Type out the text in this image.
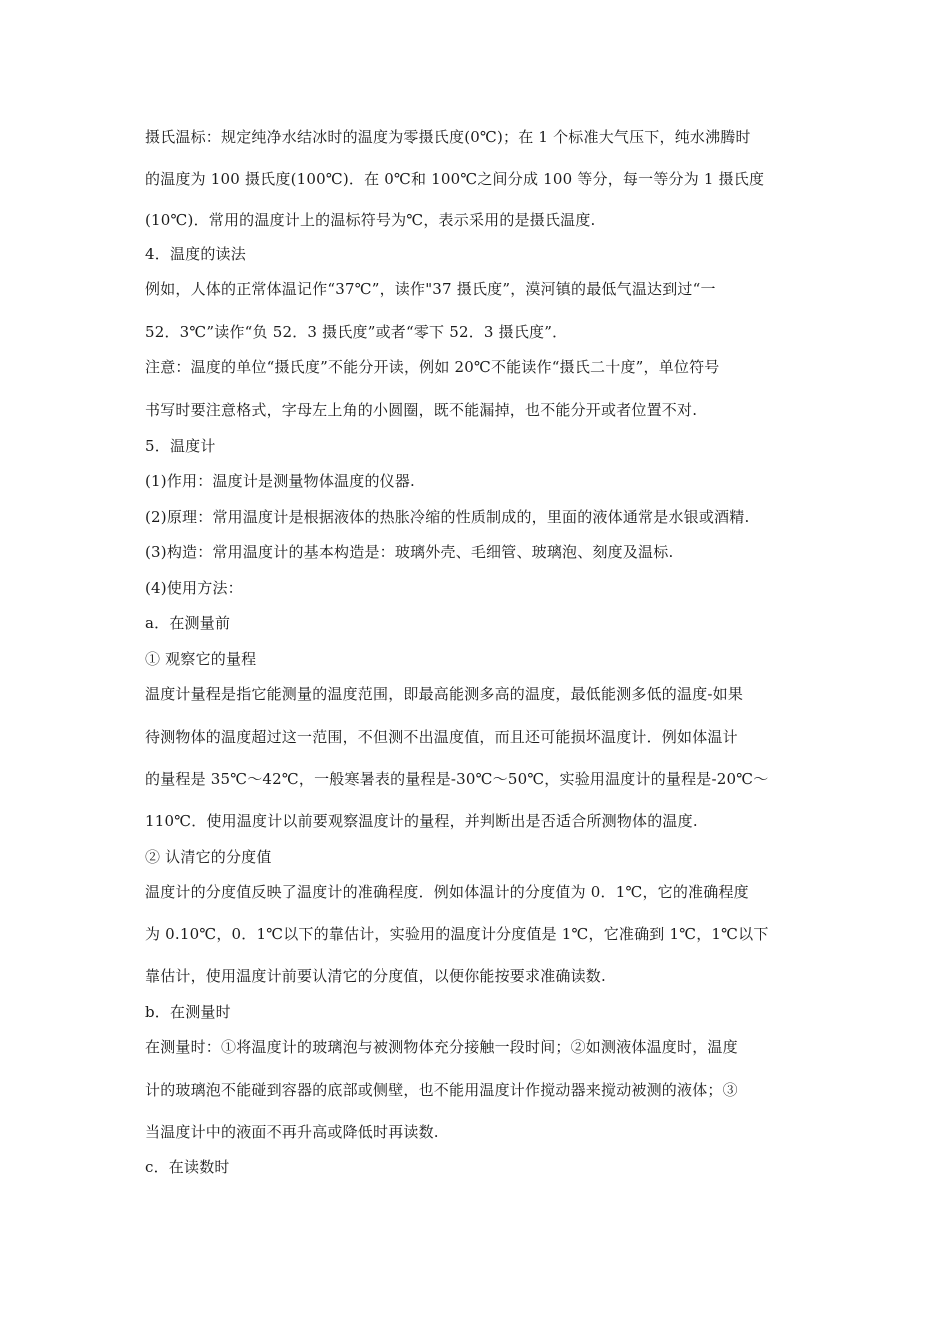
摄氏温标：规定纯净水结冰时的温度为零摄氏度(0℃)；在 1 个标准大气压下，纯水沸腾时
的温度为 100 摄氏度(100℃)．在 0℃和 100℃之间分成 100 等分，每一等分为 1 摄氏度
(10℃)．常用的温度计上的温标符号为℃，表示采用的是摄氏温度.
4．温度的读法
例如，人体的正常体温记作“37℃”，读作"37 摄氏度”，漠河镇的最低气温达到过“一
52．3℃”读作“负 52．3 摄氏度”或者“零下 52．3 摄氏度”．
注意：温度的单位“摄氏度”不能分开读，例如 20℃不能读作“摄氏二十度”，单位符号
书写时要注意格式，字母左上角的小圆圈，既不能漏掉，也不能分开或者位置不对.
5．温度计
(1)作用：温度计是测量物体温度的仪器.
(2)原理：常用温度计是根据液体的热胀冷缩的性质制成的，里面的液体通常是水银或酒精.
(3)构造：常用温度计的基本构造是：玻璃外壳、毛细管、玻璃泡、刻度及温标.
(4)使用方法：
a．在测量前
① 观察它的量程
温度计量程是指它能测量的温度范围，即最高能测多高的温度，最低能测多低的温度-如果
待测物体的温度超过这一范围，不但测不出温度值，而且还可能损坏温度计．例如体温计
的量程是 35℃～42℃，一般寒暑表的量程是-30℃～50℃，实验用温度计的量程是-20℃～
110℃．使用温度计以前要观察温度计的量程，并判断出是否适合所测物体的温度.
② 认清它的分度值
温度计的分度值反映了温度计的准确程度．例如体温计的分度值为 0．1℃，它的准确程度
为 0.10℃，0．1℃以下的靠估计，实验用的温度计分度值是 1℃，它准确到 1℃，1℃以下
靠估计，使用温度计前要认清它的分度值，以便你能按要求准确读数.
b．在测量时
在测量时：①将温度计的玻璃泡与被测物体充分接触一段时间；②如测液体温度时，温度
计的玻璃泡不能碰到容器的底部或侧壁，也不能用温度计作搅动器来搅动被测的液体；③
当温度计中的液面不再升高或降低时再读数.
c．在读数时
